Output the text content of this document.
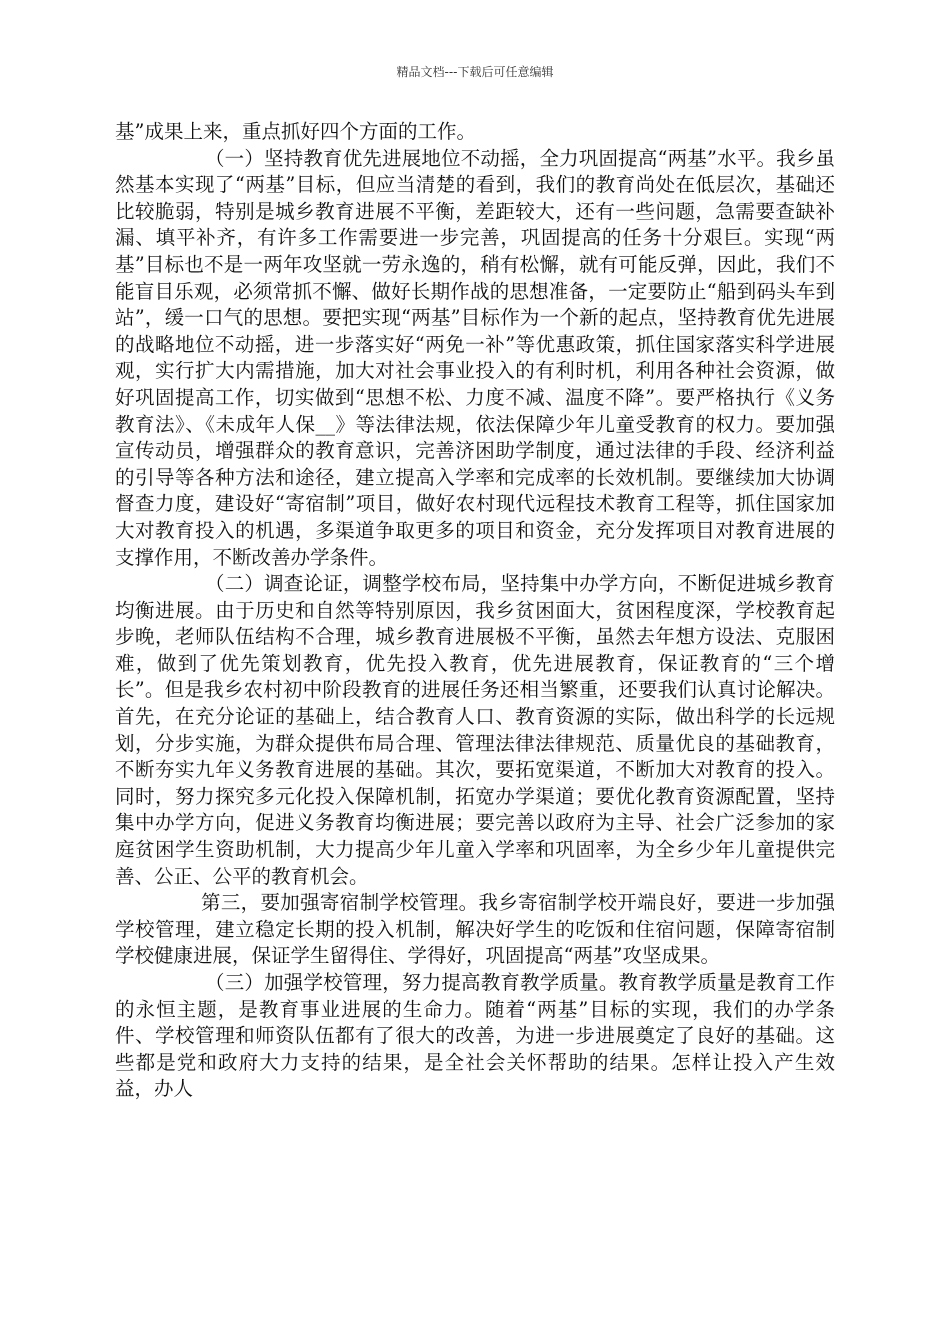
精品文档---下载后可任意编辑

基”成果上来，重点抓好四个方面的工作。

（一）坚持教育优先进展地位不动摇，全力巩固提高“两基”水平。我乡虽然基本实现了“两基”目标，但应当清楚的看到，我们的教育尚处在低层次，基础还比较脆弱，特别是城乡教育进展不平衡，差距较大，还有一些问题，急需要查缺补漏、填平补齐，有许多工作需要进一步完善，巩固提高的任务十分艰巨。实现“两基”目标也不是一两年攻坚就一劳永逸的，稍有松懈，就有可能反弹，因此，我们不能盲目乐观，必须常抓不懈、做好长期作战的思想准备，一定要防止“船到码头车到站”，缓一口气的思想。要把实现“两基”目标作为一个新的起点，坚持教育优先进展的战略地位不动摇，进一步落实好“两免一补”等优惠政策，抓住国家落实科学进展观，实行扩大内需措施，加大对社会事业投入的有利时机，利用各种社会资源，做好巩固提高工作，切实做到“思想不松、力度不减、温度不降”。要严格执行《义务教育法》、《未成年人保__》等法律法规，依法保障少年儿童受教育的权力。要加强宣传动员，增强群众的教育意识，完善济困助学制度，通过法律的手段、经济利益的引导等各种方法和途径，建立提高入学率和完成率的长效机制。要继续加大协调督查力度，建设好“寄宿制”项目，做好农村现代远程技术教育工程等，抓住国家加大对教育投入的机遇，多渠道争取更多的项目和资金，充分发挥项目对教育进展的支撑作用，不断改善办学条件。

（二）调查论证，调整学校布局，坚持集中办学方向，不断促进城乡教育均衡进展。由于历史和自然等特别原因，我乡贫困面大，贫困程度深，学校教育起步晚，老师队伍结构不合理，城乡教育进展极不平衡，虽然去年想方设法、克服困难，做到了优先策划教育，优先投入教育，优先进展教育，保证教育的“三个增长”。但是我乡农村初中阶段教育的进展任务还相当繁重，还要我们认真讨论解决。首先，在充分论证的基础上，结合教育人口、教育资源的实际，做出科学的长远规划，分步实施，为群众提供布局合理、管理法律法律规范、质量优良的基础教育，不断夯实九年义务教育进展的基础。其次，要拓宽渠道，不断加大对教育的投入。同时，努力探究多元化投入保障机制，拓宽办学渠道；要优化教育资源配置，坚持集中办学方向，促进义务教育均衡进展；要完善以政府为主导、社会广泛参加的家庭贫困学生资助机制，大力提高少年儿童入学率和巩固率，为全乡少年儿童提供完善、公正、公平的教育机会。

第三，要加强寄宿制学校管理。我乡寄宿制学校开端良好，要进一步加强学校管理，建立稳定长期的投入机制，解决好学生的吃饭和住宿问题，保障寄宿制学校健康进展，保证学生留得住、学得好，巩固提高“两基”攻坚成果。

（三）加强学校管理，努力提高教育教学质量。教育教学质量是教育工作的永恒主题，是教育事业进展的生命力。随着“两基”目标的实现，我们的办学条件、学校管理和师资队伍都有了很大的改善，为进一步进展奠定了良好的基础。这些都是党和政府大力支持的结果，是全社会关怀帮助的结果。怎样让投入产生效益，办人
